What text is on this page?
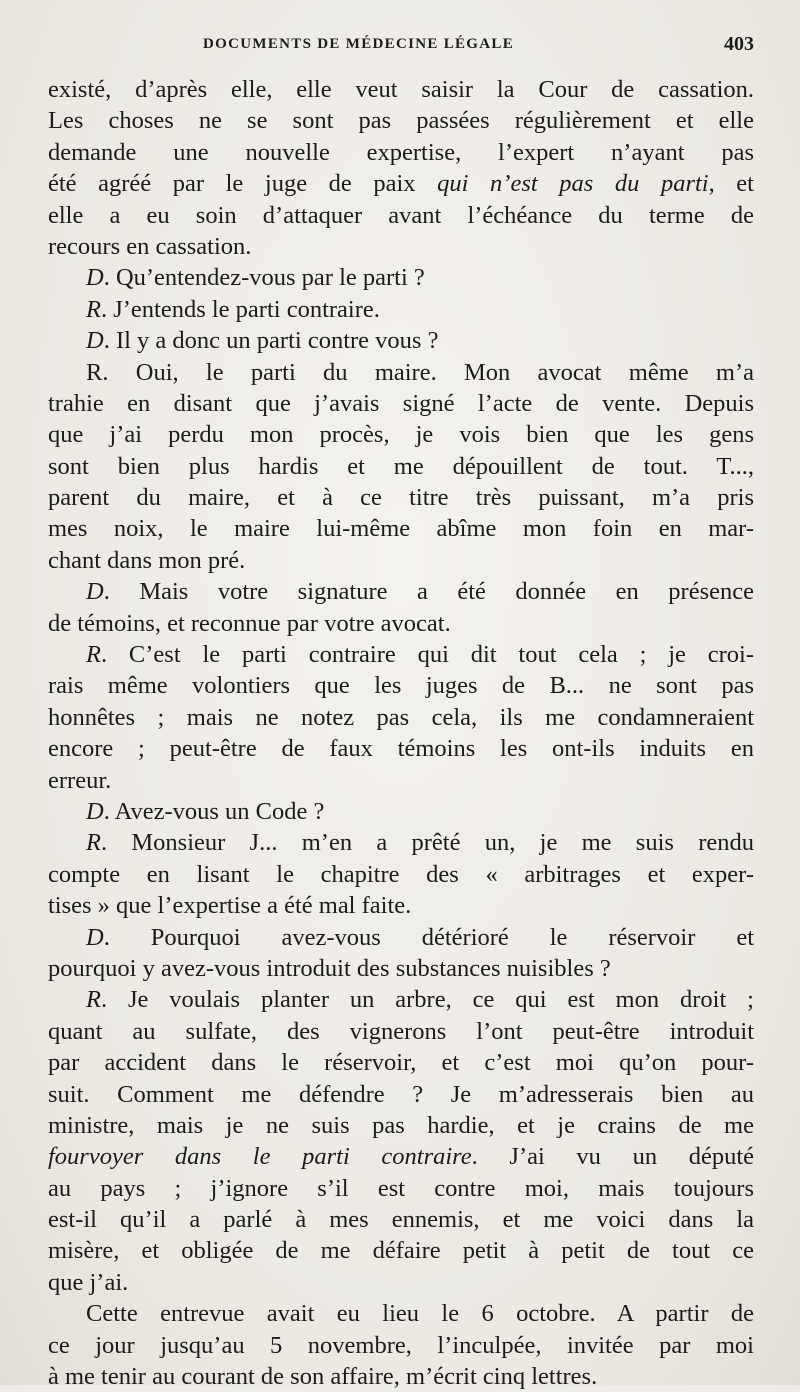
DOCUMENTS DE MÉDECINE LÉGALE	403
existé, d’après elle, elle veut saisir la Cour de cassation.
Les choses ne se sont pas passées régulièrement et elle
demande une nouvelle expertise, l’expert n’ayant pas
été agréé par le juge de paix qui n’est pas du parti, et
elle a eu soin d’attaquer avant l’échéance du terme de
recours en cassation.
D. Qu’entendez-vous par le parti ?
R. J’entends le parti contraire.
D. Il y a donc un parti contre vous ?
R. Oui, le parti du maire. Mon avocat même m’a
trahie en disant que j’avais signé l’acte de vente. Depuis
que j’ai perdu mon procès, je vois bien que les gens
sont bien plus hardis et me dépouillent de tout. T...,
parent du maire, et à ce titre très puissant, m’a pris
mes noix, le maire lui-même abîme mon foin en mar-
chant dans mon pré.
D. Mais votre signature a été donnée en présence
de témoins, et reconnue par votre avocat.
R. C’est le parti contraire qui dit tout cela ; je croi-
rais même volontiers que les juges de B... ne sont pas
honnêtes ; mais ne notez pas cela, ils me condamneraient
encore ; peut-être de faux témoins les ont-ils induits en
erreur.
D. Avez-vous un Code ?
R. Monsieur J... m’en a prêté un, je me suis rendu
compte en lisant le chapitre des « arbitrages et exper-
tises » que l’expertise a été mal faite.
D. Pourquoi avez-vous détérioré le réservoir et
pourquoi y avez-vous introduit des substances nuisibles ?
R. Je voulais planter un arbre, ce qui est mon droit ;
quant au sulfate, des vignerons l’ont peut-être introduit
par accident dans le réservoir, et c’est moi qu’on pour-
suit. Comment me défendre ? Je m’adresserais bien au
ministre, mais je ne suis pas hardie, et je crains de me
fourvoyer dans le parti contraire. J’ai vu un député
au pays ; j’ignore s’il est contre moi, mais toujours
est-il qu’il a parlé à mes ennemis, et me voici dans la
misère, et obligée de me défaire petit à petit de tout ce
que j’ai.
Cette entrevue avait eu lieu le 6 octobre. A partir de
ce jour jusqu’au 5 novembre, l’inculpée, invitée par moi
à me tenir au courant de son affaire, m’écrit cinq lettres.
